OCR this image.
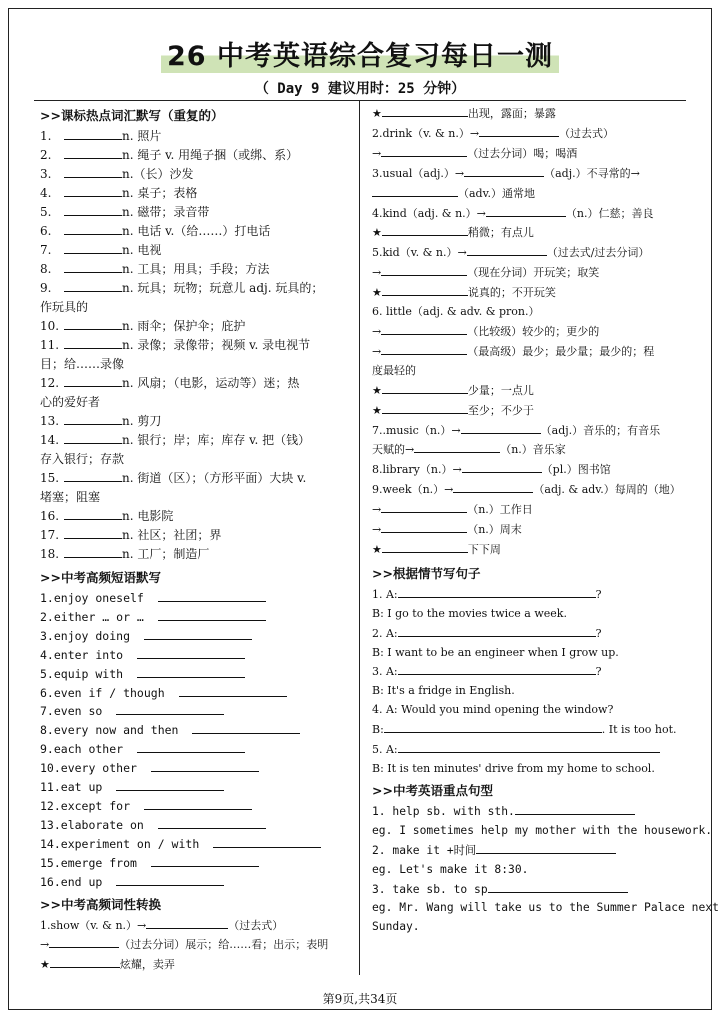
26 中考英语综合复习每日一测
（ Day 9 建议用时：25 分钟）
>>课标热点词汇默写（重复的）
1.	n. 照片
2.	n. 绳子 v. 用绳子捆（或绑、系）
3.	n.（长）沙发
4.	n. 桌子；表格
5.	n. 磁带；录音带
6.	n. 电话 v.（给……）打电话
7.	n. 电视
8.	n. 工具；用具；手段；方法
9.	n. 玩具；玩物；玩意儿 adj. 玩具的；
作玩具的
10.	n. 雨伞；保护伞；庇护
11.	n. 录像；录像带；视频 v. 录电视节
目；给……录像
12.	n. 风扇；（电影，运动等）迷；热
心的爱好者
13.	n. 剪刀
14.	n. 银行；岸；库；库存 v. 把（钱）
存入银行；存款
15.	n. 街道（区）；（方形平面）大块 v.
堵塞；阻塞
16.	n. 电影院
17.	n. 社区；社团；界
18.	n. 工厂；制造厂
>>中考高频短语默写
1.enjoy oneself
2.either … or …
3.enjoy doing
4.enter into
5.equip with
6.even if / though
7.even so
8.every now and then
9.each other
10.every other
11.eat up
12.except for
13.elaborate on
14.experiment on / with
15.emerge from
16.end up
>>中考高频词性转换
1.show（v. & n.）→	（过去式）
→	（过去分词）展示；给……看；出示；表明
★	炫耀，卖弄
★	出现，露面；暴露
2.drink（v. & n.）→	（过去式）
→	（过去分词）喝；喝酒
3.usual（adj.）→	（adj.）不寻常的→
（adv.）通常地
4.kind（adj. & n.）→	（n.）仁慈；善良
★	稍微；有点儿
5.kid（v. & n.）→	（过去式/过去分词）
→	（现在分词）开玩笑；取笑
★	说真的；不开玩笑
6. little（adj. & adv. & pron.）
→	（比较级）较少的；更少的
→	（最高级）最少；最少量；最少的；程
度最轻的
★	少量；一点儿
★	至少；不少于
7..music（n.）→	（adj.）音乐的；有音乐
天赋的→	（n.）音乐家
8.library（n.）→	（pl.）图书馆
9.week（n.）→	（adj. & adv.）每周的（地）
→	（n.）工作日
→	（n.）周末
★	下下周
>>根据情节写句子
1. A:	?
B: I go to the movies twice a week.
2. A:	?
B: I want to be an engineer when I grow up.
3. A:	?
B: It's a fridge in English.
4. A: Would you mind opening the window?
B:	. It is too hot.
5. A:
B: It is ten minutes' drive from my home to school.
>>中考英语重点句型
1. help sb. with sth.
eg. I sometimes help my mother with the housework.
2. make it +时间
eg. Let's make it 8:30.
3. take sb. to sp
eg. Mr. Wang will take us to the Summer Palace next
Sunday.
第9页,共34页
